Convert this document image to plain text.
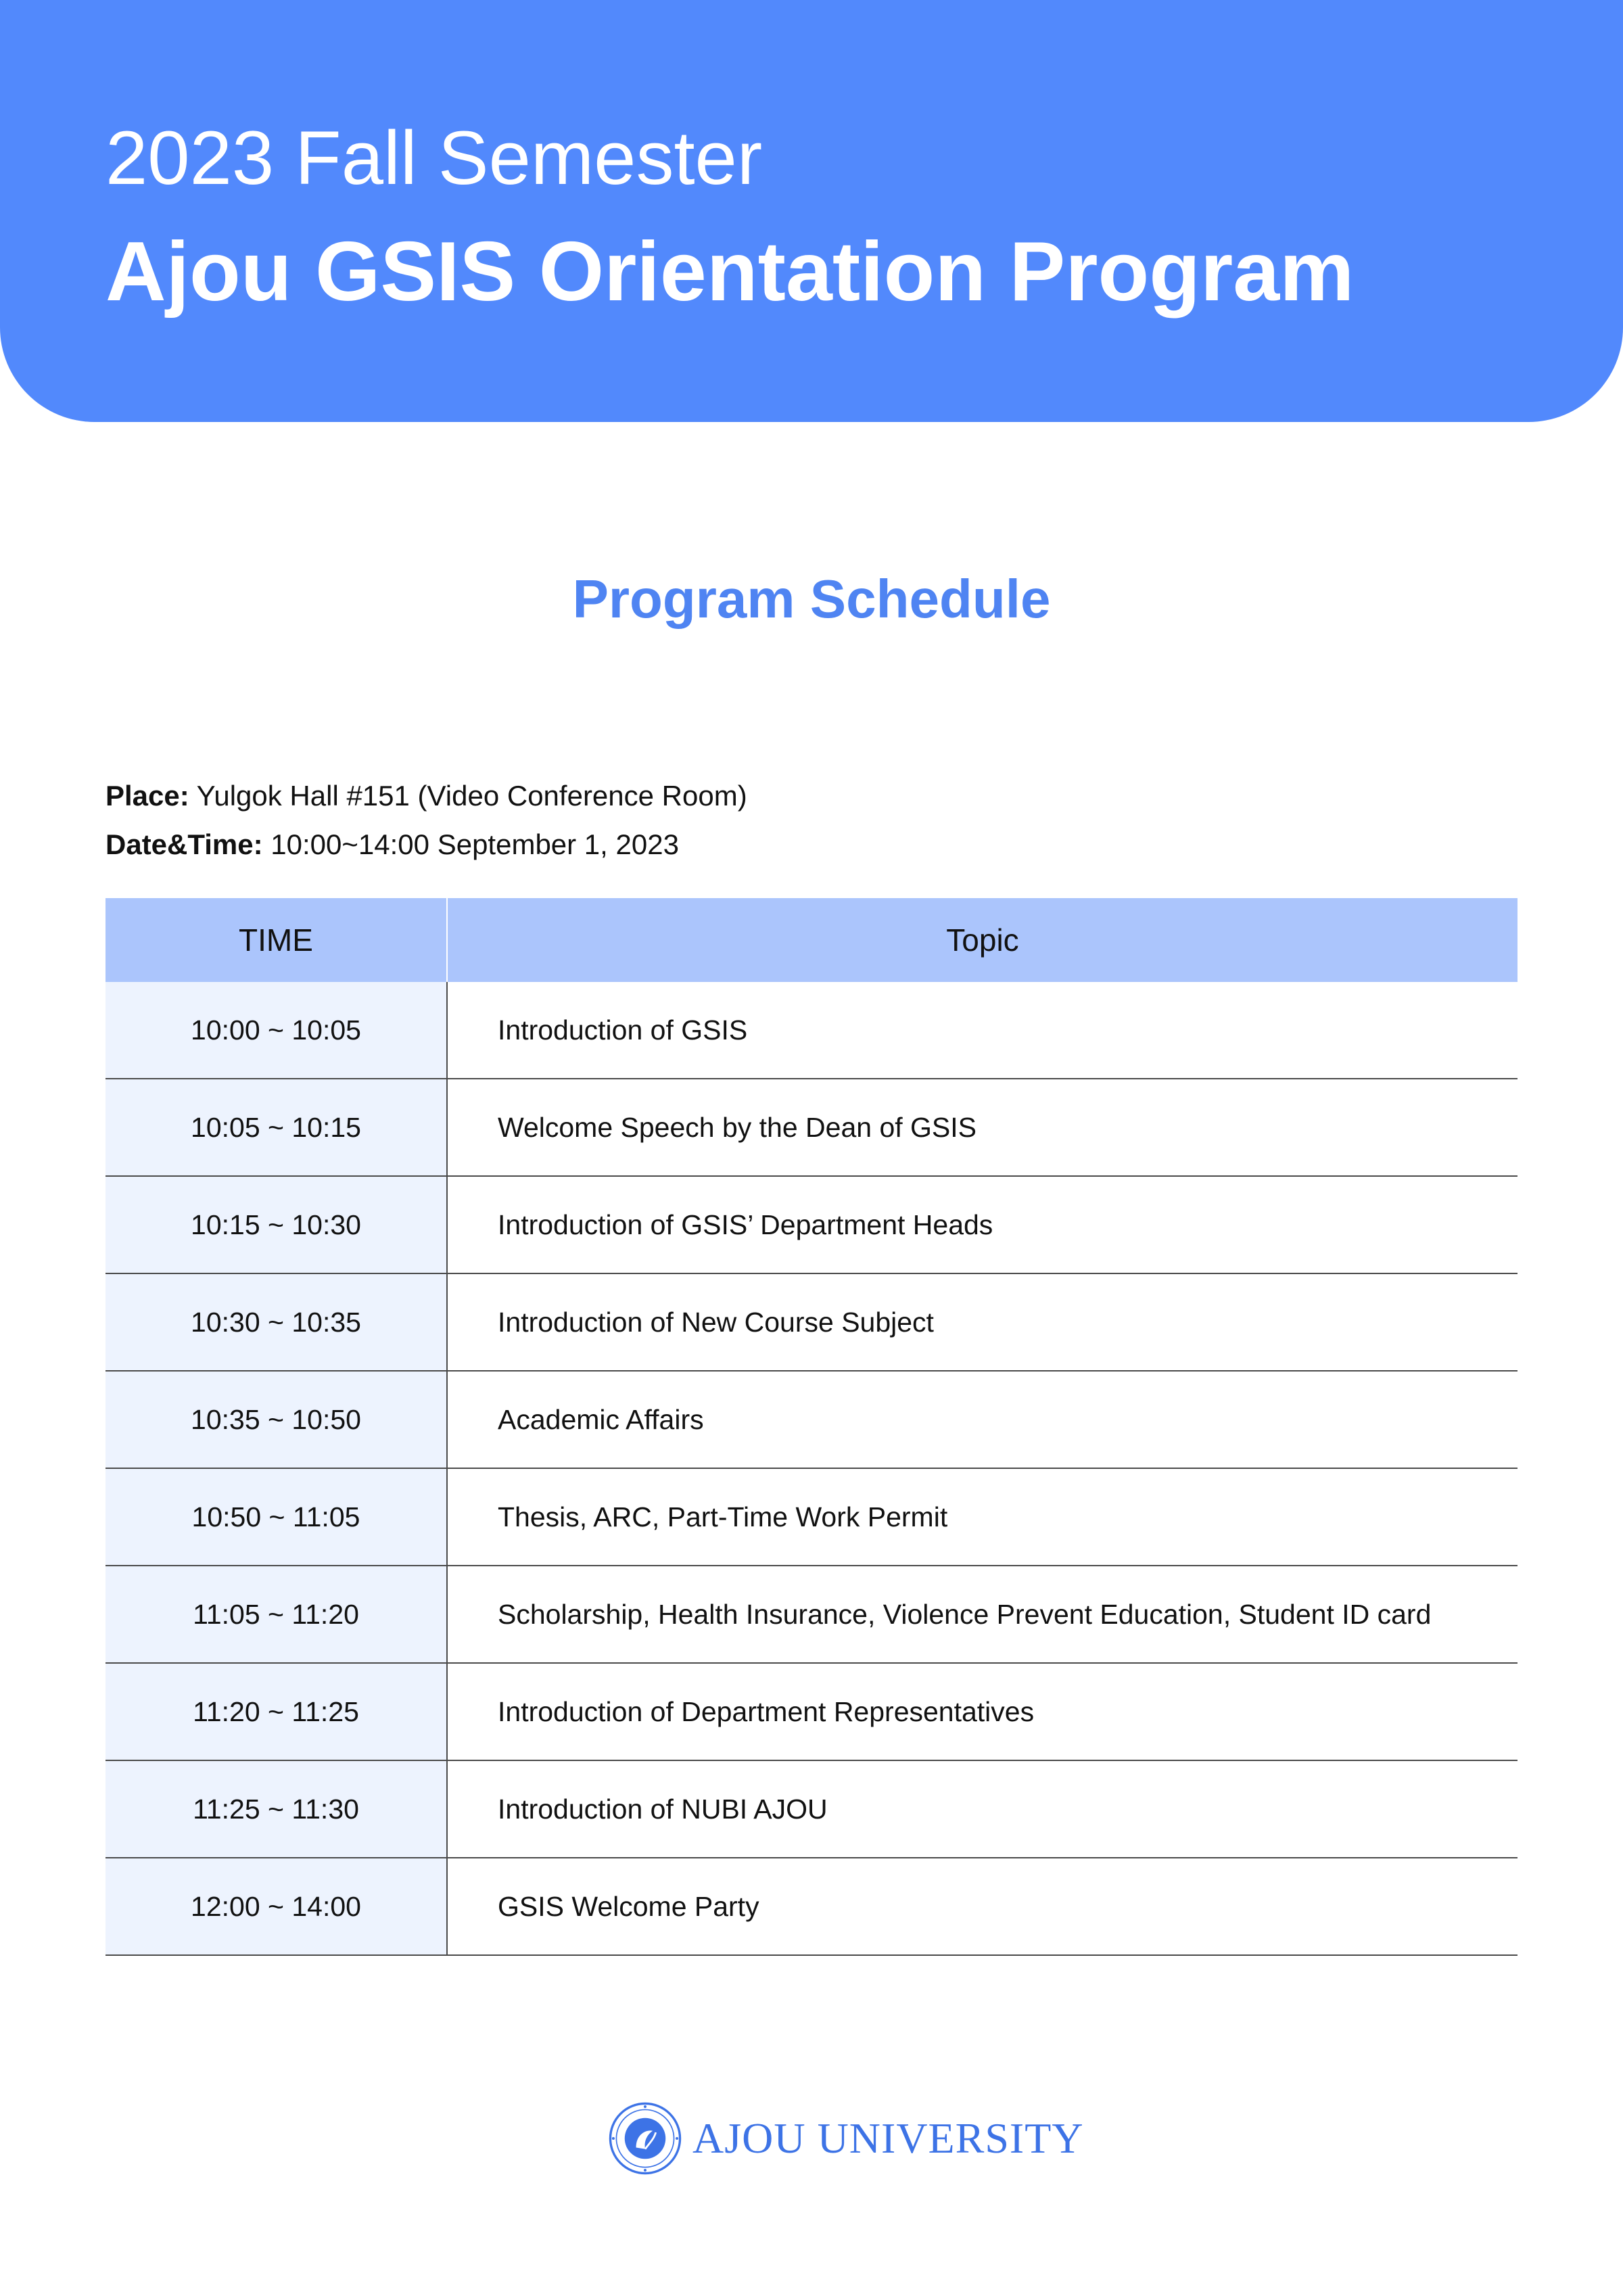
2023 Fall Semester
Ajou GSIS Orientation Program
Program Schedule
Place: Yulgok Hall #151 (Video Conference Room)
Date&Time: 10:00~14:00 September 1, 2023
TIME	Topic
10:00 ~ 10:05	Introduction of GSIS
10:05 ~ 10:15	Welcome Speech by the Dean of GSIS
10:15 ~ 10:30	Introduction of GSIS’ Department Heads
10:30 ~ 10:35	Introduction of New Course Subject
10:35 ~ 10:50	Academic Affairs
10:50 ~ 11:05	Thesis, ARC, Part-Time Work Permit
11:05 ~ 11:20	Scholarship, Health Insurance, Violence Prevent Education, Student ID card
11:20 ~ 11:25	Introduction of Department Representatives
11:25 ~ 11:30	Introduction of NUBI AJOU
12:00 ~ 14:00	GSIS Welcome Party
AJOU UNIVERSITY
